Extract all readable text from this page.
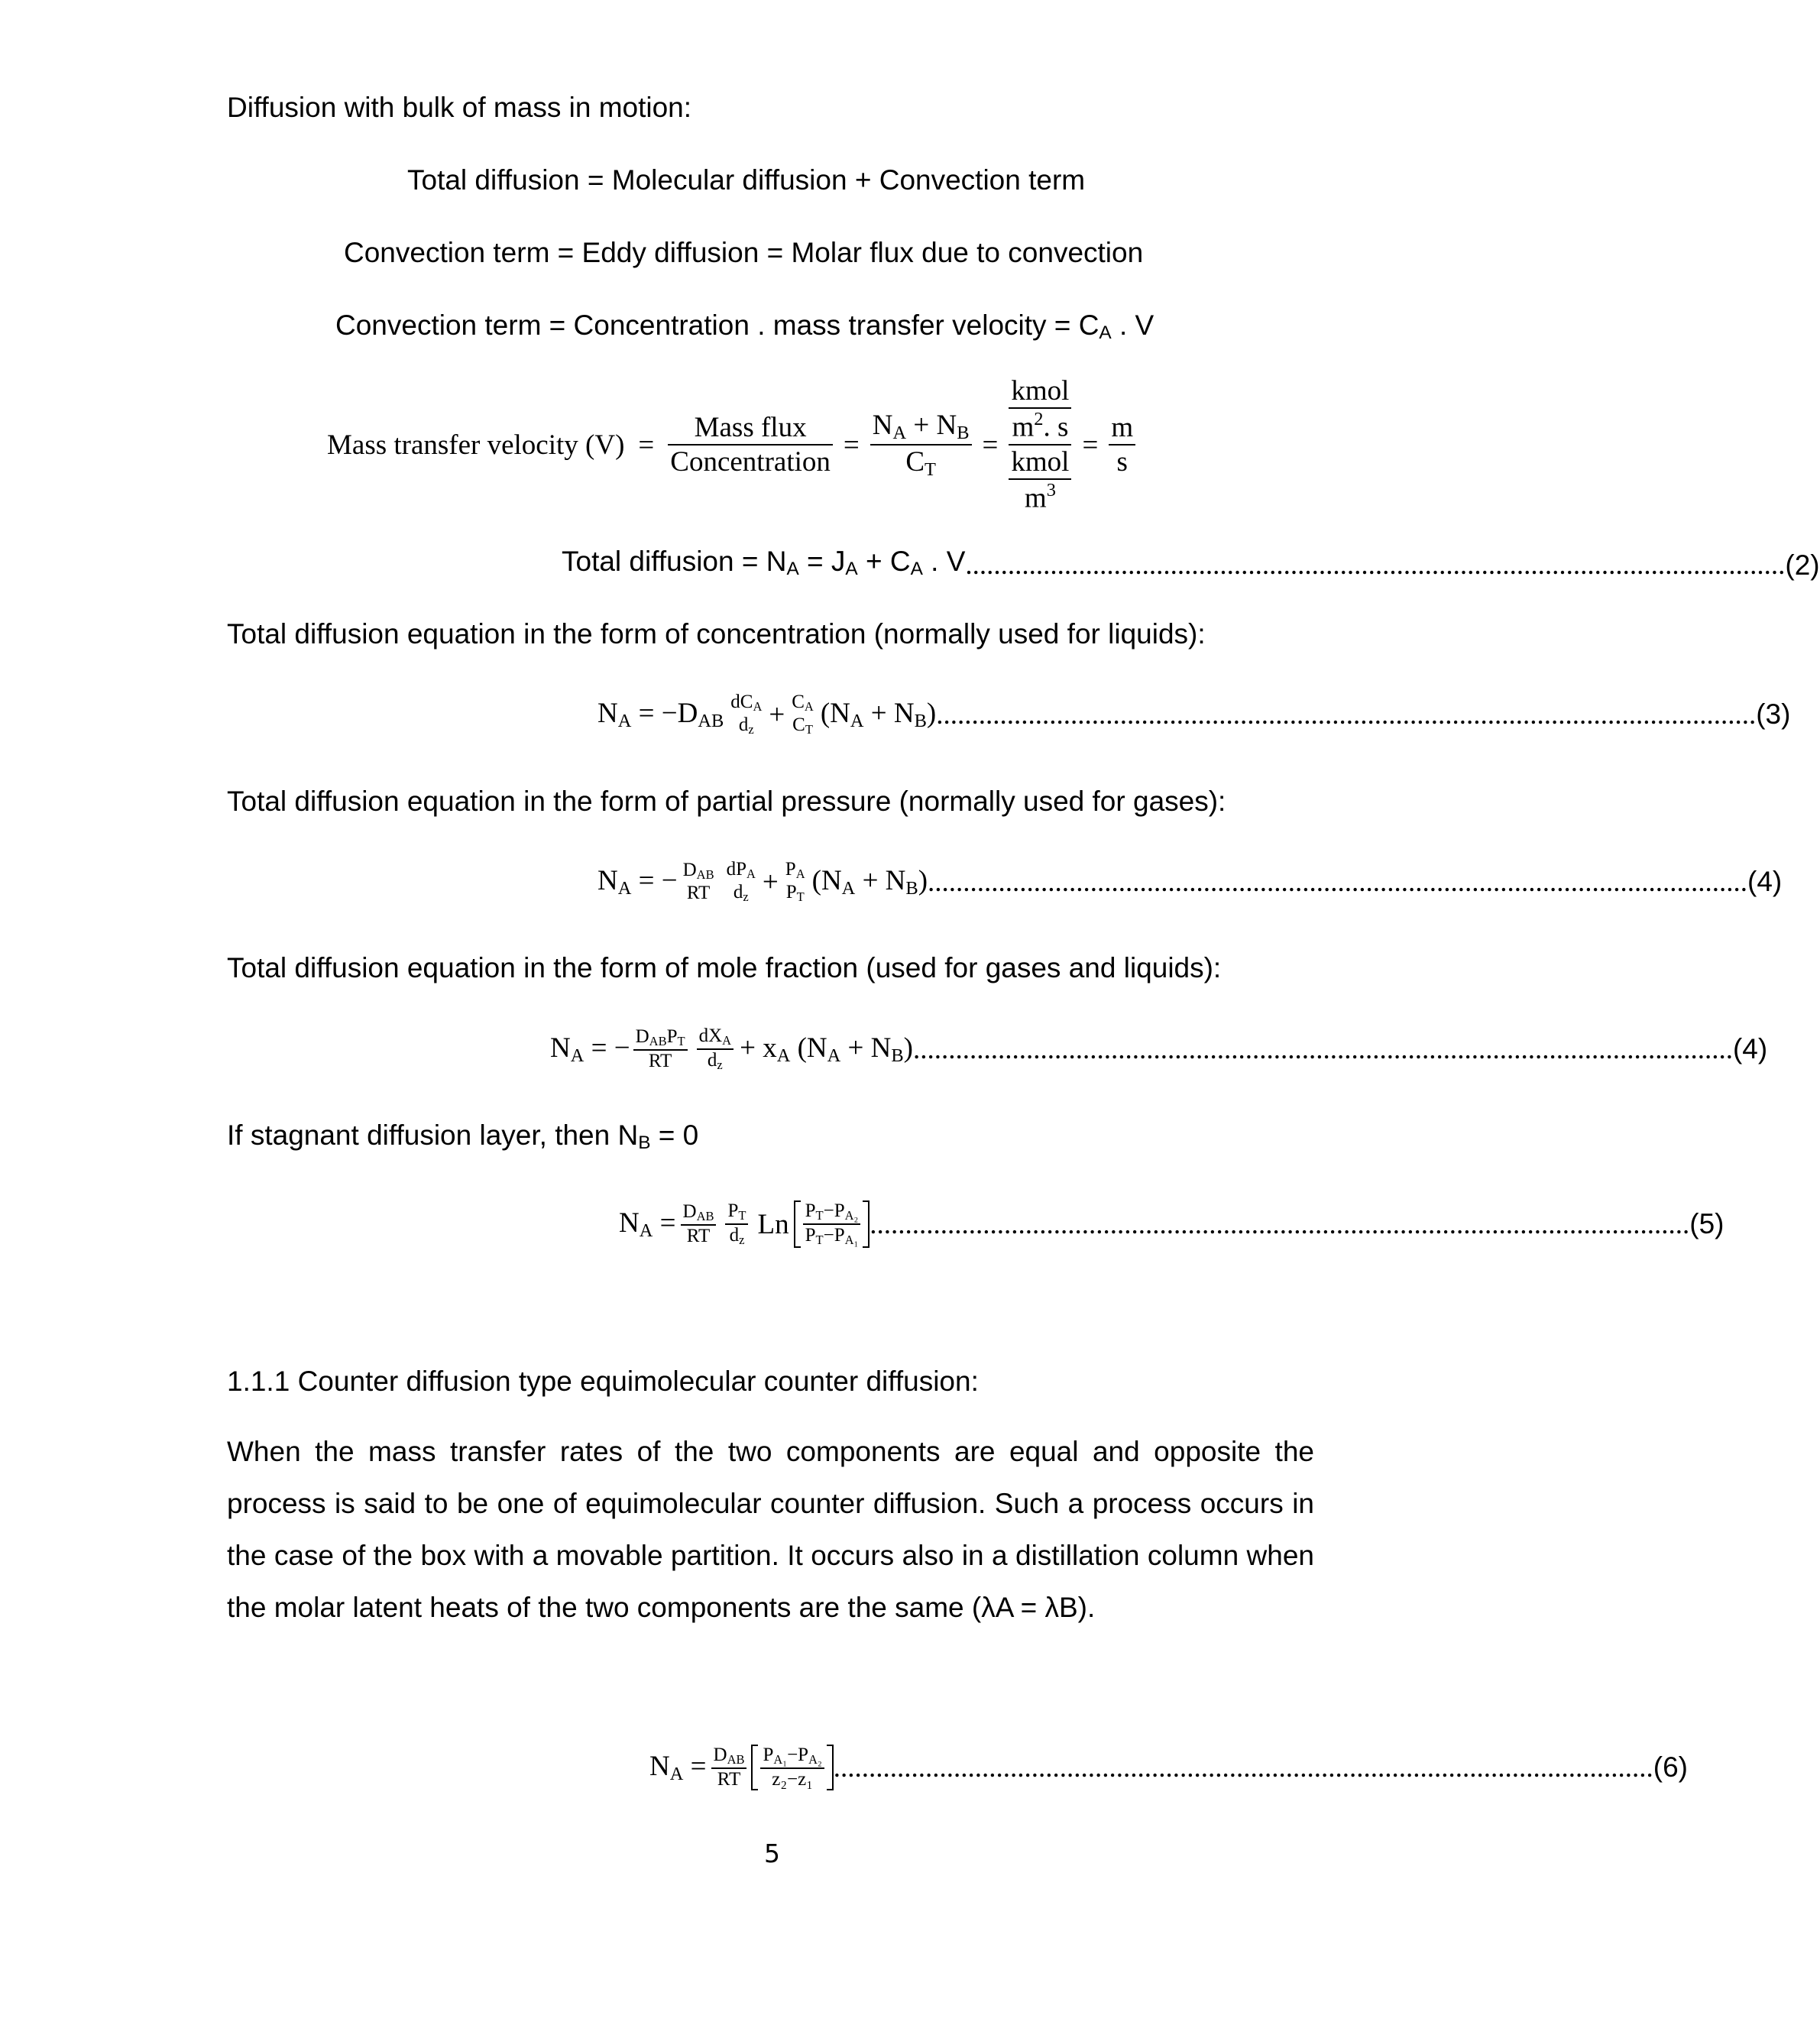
Diffusion with bulk of mass in motion:
Total diffusion = Molecular diffusion + Convection term
Convection term = Eddy diffusion = Molar flux due to convection
Convection term = Concentration . mass transfer velocity = CA . V
Mass transfer velocity $(V) = \frac{\text{Mass flux}}{\text{Concentration}} = \frac{N_A + N_B}{C_T} = \frac{\frac{\text{kmol}}{m^2. s}}{\frac{\text{kmol}}{m^3}} = \frac{m}{s}$
Total diffusion = NA = JA + CA . V .................................................................................................................... (2)
Total diffusion equation in the form of concentration (normally used for liquids):
$N_A = -D_{AB}$
$dC_A$
$d_z + C_A$
$C_T$
$(N_A + N_B)$ .................................................................................................................... (3)
Total diffusion equation in the form of partial pressure (normally used for gases):
$N_A$ = − $D_{AB}$
RT
$dP_A$
$d_z + P_A$
$P_T$
$(N_A + N_B)$ .................................................................................................................... (4)
Total diffusion equation in the form of mole fraction (used for gases and liquids):
$N_A$ = − $\frac{D_{AB}P_T}{RT} \frac{dX_A}{d_z} + x_A$ $(N_A + N_B)$ .................................................................................................................... (4)
If stagnant diffusion layer, then NB = 0
$N_A = \frac{D_{AB}}{RT} \frac{P_T}{d_z}$ Ln $\frac{P_T-P_{A_2}}{P_T-P_{A_1}}$ .................................................................................................................... (5)
1.1.1 Counter diffusion type equimolecular counter diffusion:
When the mass transfer rates of the two components are equal and opposite the process is said to be one of equimolecular counter diffusion. Such a process occurs in the case of the box with a movable partition. It occurs also in a distillation column when the molar latent heats of the two components are the same (λA = λB).
$N_A = \frac{D_{AB}}{RT} \frac{P_{A_1}-P_{A_2}}{\text{z₂−z₁}}$ .................................................................................................................... (6)
5
